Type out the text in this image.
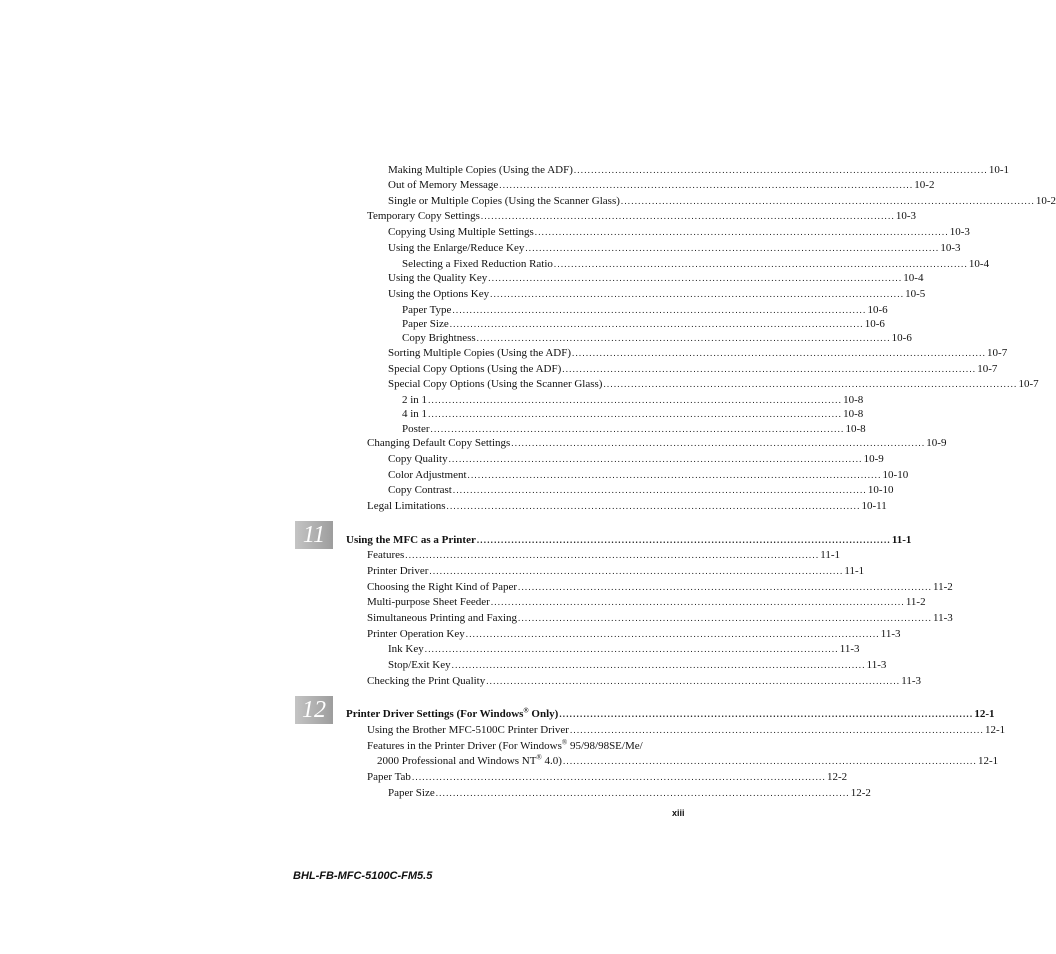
Making Multiple Copies (Using the ADF) ........................................................................................................................ 10-1
Out of Memory Message ........................................................................................................................ 10-2
Single or Multiple Copies (Using the Scanner Glass) ........................................................................................................................ 10-2
Temporary Copy Settings ........................................................................................................................ 10-3
Copying Using Multiple Settings ........................................................................................................................ 10-3
Using the Enlarge/Reduce Key ........................................................................................................................ 10-3
Selecting a Fixed Reduction Ratio ........................................................................................................................ 10-4
Using the Quality Key ........................................................................................................................ 10-4
Using the Options Key ........................................................................................................................ 10-5
Paper Type ........................................................................................................................ 10-6
Paper Size ........................................................................................................................ 10-6
Copy Brightness ........................................................................................................................ 10-6
Sorting Multiple Copies (Using the ADF) ........................................................................................................................ 10-7
Special Copy Options (Using the ADF) ........................................................................................................................ 10-7
Special Copy Options (Using the Scanner Glass) ........................................................................................................................ 10-7
2 in 1 ........................................................................................................................ 10-8
4 in 1 ........................................................................................................................ 10-8
Poster ........................................................................................................................ 10-8
Changing Default Copy Settings ........................................................................................................................ 10-9
Copy Quality ........................................................................................................................ 10-9
Color Adjustment ........................................................................................................................ 10-10
Copy Contrast ........................................................................................................................ 10-10
Legal Limitations ........................................................................................................................ 10-11
11	Using the MFC as a Printer ........................................................................................................................ 11-1
Features ........................................................................................................................ 11-1
Printer Driver ........................................................................................................................ 11-1
Choosing the Right Kind of Paper ........................................................................................................................ 11-2
Multi-purpose Sheet Feeder ........................................................................................................................ 11-2
Simultaneous Printing and Faxing ........................................................................................................................ 11-3
Printer Operation Key ........................................................................................................................ 11-3
Ink Key ........................................................................................................................ 11-3
Stop/Exit Key ........................................................................................................................ 11-3
Checking the Print Quality ........................................................................................................................ 11-3
12	Printer Driver Settings (For Windows® Only) ........................................................................................................................ 12-1
Using the Brother MFC-5100C Printer Driver ........................................................................................................................ 12-1
Features in the Printer Driver (For Windows® 95/98/98SE/Me/
2000 Professional and Windows NT® 4.0) ........................................................................................................................ 12-1
Paper Tab ........................................................................................................................ 12-2
Paper Size ........................................................................................................................ 12-2
xiii
BHL-FB-MFC-5100C-FM5.5
